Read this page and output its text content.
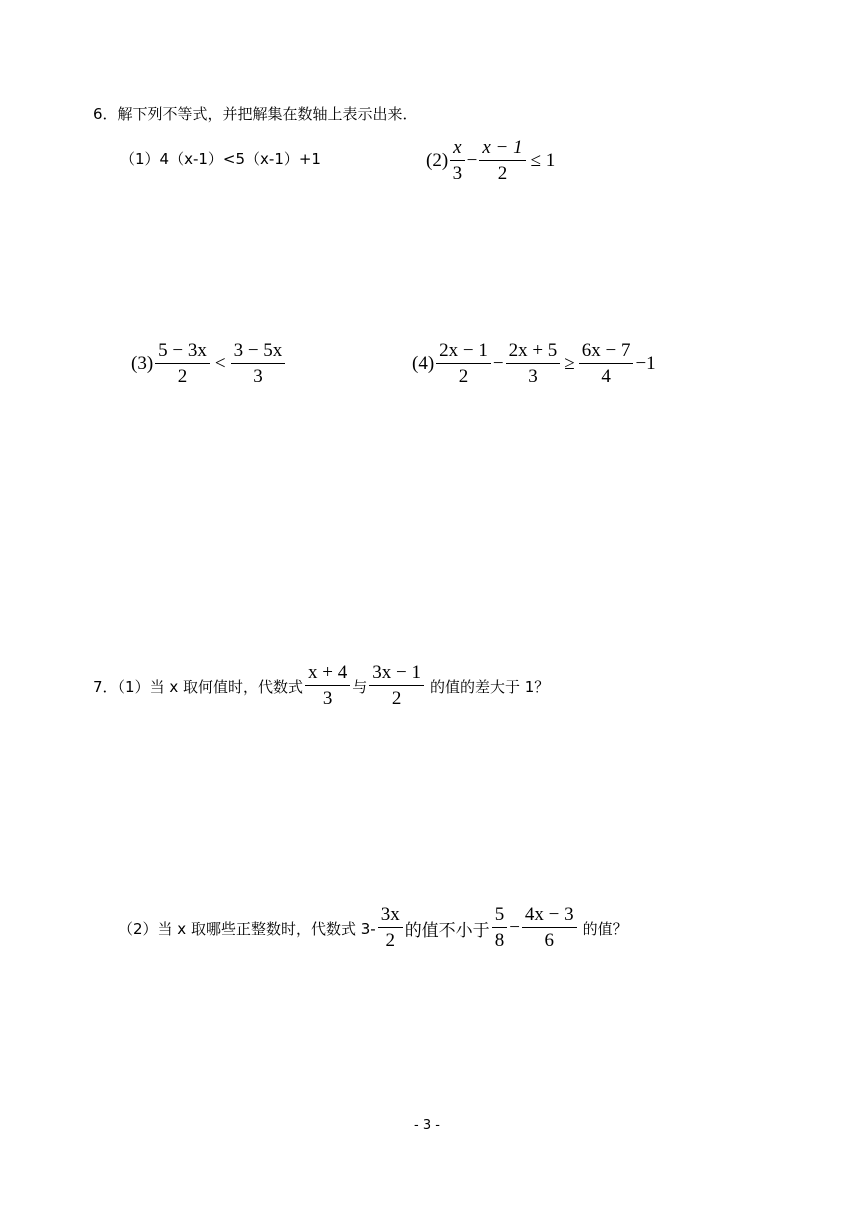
6．解下列不等式，并把解集在数轴上表示出来．
（1）4（x-1）<5（x-1）+1	$(2) \frac{x}{3} - \frac{x - 1}{2} \le 1$
$(3) \frac{5 - 3x}{2} < \frac{3 - 5x}{3}$	$(4) \frac{2x - 1}{2} - \frac{2x + 5}{3} \ge \frac{6x - 7}{4} -1$
7．（1）当 x 取何值时，代数式 $\frac{x + 4}{3}$ 与 $\frac{3x - 1}{2}$ 的值的差大于 1？
（2）当 x 取哪些正整数时，代数式 $3- \frac{3x}{2}$ 的值不小于 $\frac{5}{8} - \frac{4x - 3}{6}$ 的值？
- 3 -
